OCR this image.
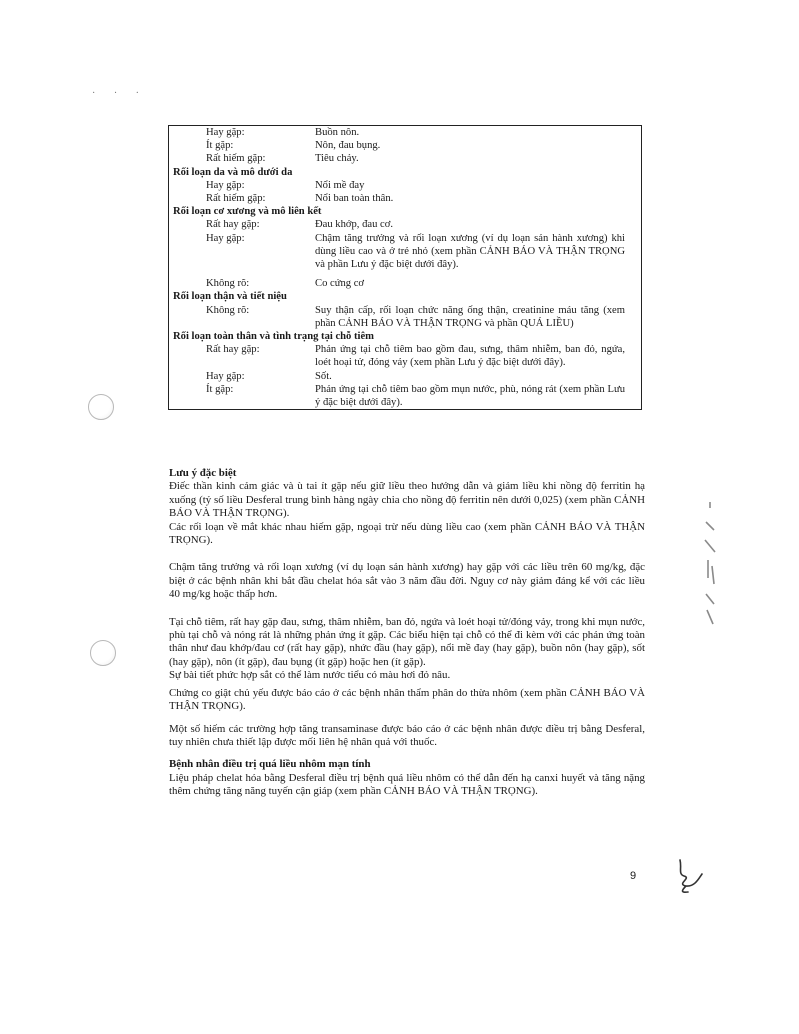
· · ·
Hay gặp:	Buồn nôn.
Ít gặp:	Nôn, đau bụng.
Rất hiếm gặp:	Tiêu chảy.
Rối loạn da và mô dưới da
Hay gặp:	Nổi mề đay
Rất hiếm gặp:	Nổi ban toàn thân.
Rối loạn cơ xương và mô liên kết
Rất hay gặp:	Đau khớp, đau cơ.
Hay gặp:	Chậm tăng trưởng và rối loạn xương (ví dụ loạn sản hành xương) khi dùng liều cao và ở trẻ nhỏ (xem phần CẢNH BÁO VÀ THẬN TRỌNG và phần Lưu ý đặc biệt dưới đây).
Không rõ:	Co cứng cơ
Rối loạn thận và tiết niệu
Không rõ:	Suy thận cấp, rối loạn chức năng ống thận, creatinine máu tăng (xem phần CẢNH BÁO VÀ THẬN TRỌNG và phần QUÁ LIỀU)
Rối loạn toàn thân và tình trạng tại chỗ tiêm
Rất hay gặp:	Phản ứng tại chỗ tiêm bao gồm đau, sưng, thâm nhiễm, ban đỏ, ngứa, loét hoại tử, đóng vảy (xem phần Lưu ý đặc biệt dưới đây).
Hay gặp:	Sốt.
Ít gặp:	Phản ứng tại chỗ tiêm bao gồm mụn nước, phù, nóng rát (xem phần Lưu ý đặc biệt dưới đây).

Lưu ý đặc biệt

Điếc thần kinh cảm giác và ù tai ít gặp nếu giữ liều theo hướng dẫn và giảm liều khi nồng độ ferritin hạ xuống (tỷ số liều Desferal trung bình hàng ngày chia cho nồng độ ferritin nên dưới 0,025) (xem phần CẢNH BÁO VÀ THẬN TRỌNG).

Các rối loạn về mắt khác nhau hiếm gặp, ngoại trừ nếu dùng liều cao (xem phần CẢNH BÁO VÀ THẬN TRỌNG).

Chậm tăng trưởng và rối loạn xương (ví dụ loạn sản hành xương) hay gặp với các liều trên 60 mg/kg, đặc biệt ở các bệnh nhân khi bắt đầu chelat hóa sắt vào 3 năm đầu đời. Nguy cơ này giảm đáng kể với các liều 40 mg/kg hoặc thấp hơn.

Tại chỗ tiêm, rất hay gặp đau, sưng, thâm nhiễm, ban đỏ, ngứa và loét hoại tử/đóng vảy, trong khi mụn nước, phù tại chỗ và nóng rát là những phản ứng ít gặp. Các biểu hiện tại chỗ có thể đi kèm với các phản ứng toàn thân như đau khớp/đau cơ (rất hay gặp), nhức đầu (hay gặp), nổi mề đay (hay gặp), buồn nôn (hay gặp), sốt (hay gặp), nôn (ít gặp), đau bụng (ít gặp) hoặc hen (ít gặp).

Sự bài tiết phức hợp sắt có thể làm nước tiểu có màu hơi đỏ nâu.

Chứng co giật chủ yếu được báo cáo ở các bệnh nhân thẩm phân do thừa nhôm (xem phần CẢNH BÁO VÀ THẬN TRỌNG).

Một số hiếm các trường hợp tăng transaminase được báo cáo ở các bệnh nhân được điều trị bằng Desferal, tuy nhiên chưa thiết lập được mối liên hệ nhân quả với thuốc.

Bệnh nhân điều trị quá liều nhôm mạn tính

Liệu pháp chelat hóa bằng Desferal điều trị bệnh quá liều nhôm có thể dẫn đến hạ canxi huyết và tăng nặng thêm chứng tăng năng tuyến cận giáp (xem phần CẢNH BÁO VÀ THẬN TRỌNG).

9
